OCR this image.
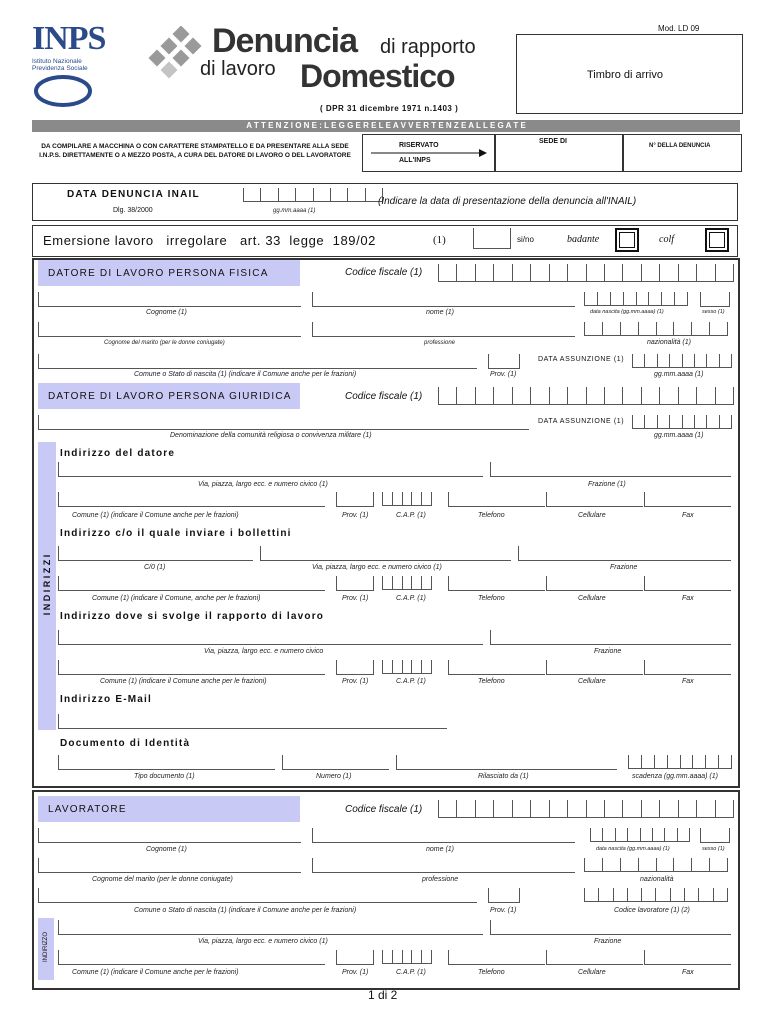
INPS
Istituto Nazionale
Previdenza Sociale
Denuncia di rapporto
di lavoro Domestico
Mod. LD 09
Timbro di arrivo
( DPR 31 dicembre 1971 n.1403 )
A T T E N Z I O N E : L E G G E R E L E A V V E R T E N Z E A L L E G A T E
DA COMPILARE A MACCHINA O CON CARATTERE STAMPATELLO E DA PRESENTARE ALLA SEDE I.N.P.S. DIRETTAMENTE O A MEZZO POSTA, A CURA DEL DATORE DI LAVORO O DEL LAVORATORE
RISERVATO
ALL'INPS
SEDE DI
N° DELLA DENUNCIA
DATA DENUNCIA INAIL
Dlg. 38/2000	gg.mm.aaaa (1)
(Indicare la data di presentazione della denuncia all'INAIL)
Emersione lavoro   irregolare   art. 33  legge  189/02	(1)	si/no	badante	colf
DATORE DI LAVORO PERSONA FISICA	Codice fiscale (1)
Cognome (1)	nome (1)	data nascita (gg.mm.aaaa) (1)	sesso (1)
Cognome del marito (per le donne coniugate)	professione	nazionalità (1)
DATA ASSUNZIONE (1)
Comune o Stato di nascita (1) (indicare il Comune anche per le frazioni)	Prov. (1)	gg.mm.aaaa (1)
DATORE DI LAVORO PERSONA GIURIDICA	Codice fiscale (1)
DATA ASSUNZIONE (1)
Denominazione della comunità religiosa o convivenza militare (1)	gg.mm.aaaa (1)
I N D I R I Z Z I
Indirizzo del datore
Via, piazza, largo ecc. e numero civico (1)	Frazione (1)
Comune (1) (indicare il Comune anche per le frazioni)	Prov. (1)	C.A.P. (1)	Telefono	Cellulare	Fax
Indirizzo c/o il quale inviare i bollettini
C/0 (1)	Via, piazza, largo ecc. e numero civico (1)	Frazione
Comune (1) (indicare il Comune, anche per le frazioni)	Prov. (1)	C.A.P. (1)	Telefono	Cellulare	Fax
Indirizzo dove si svolge il rapporto di lavoro
Via, piazza, largo ecc. e numero civico	Frazione
Comune (1) (indicare il Comune anche per le frazioni)	Prov. (1)	C.A.P. (1)	Telefono	Cellulare	Fax
Indirizzo E-Mail
Documento di Identità
Tipo documento (1)	Numero (1)	Rilasciato da (1)	scadenza (gg.mm.aaaa) (1)
LAVORATORE	Codice fiscale (1)
Cognome (1)	nome (1)	data nascita (gg.mm.aaaa) (1)	sesso (1)
Cognome del marito (per le donne coniugate)	professione	nazionalità
Comune o Stato di nascita (1) (indicare il Comune anche per le frazioni)	Prov. (1)	Codice lavoratore (1) (2)
INDIRIZZO	Via, piazza, largo ecc. e numero civico (1)	Frazione
Comune (1) (indicare il Comune anche per le frazioni)	Prov. (1)	C.A.P. (1)	Telefono	Cellulare	Fax
1 di 2
